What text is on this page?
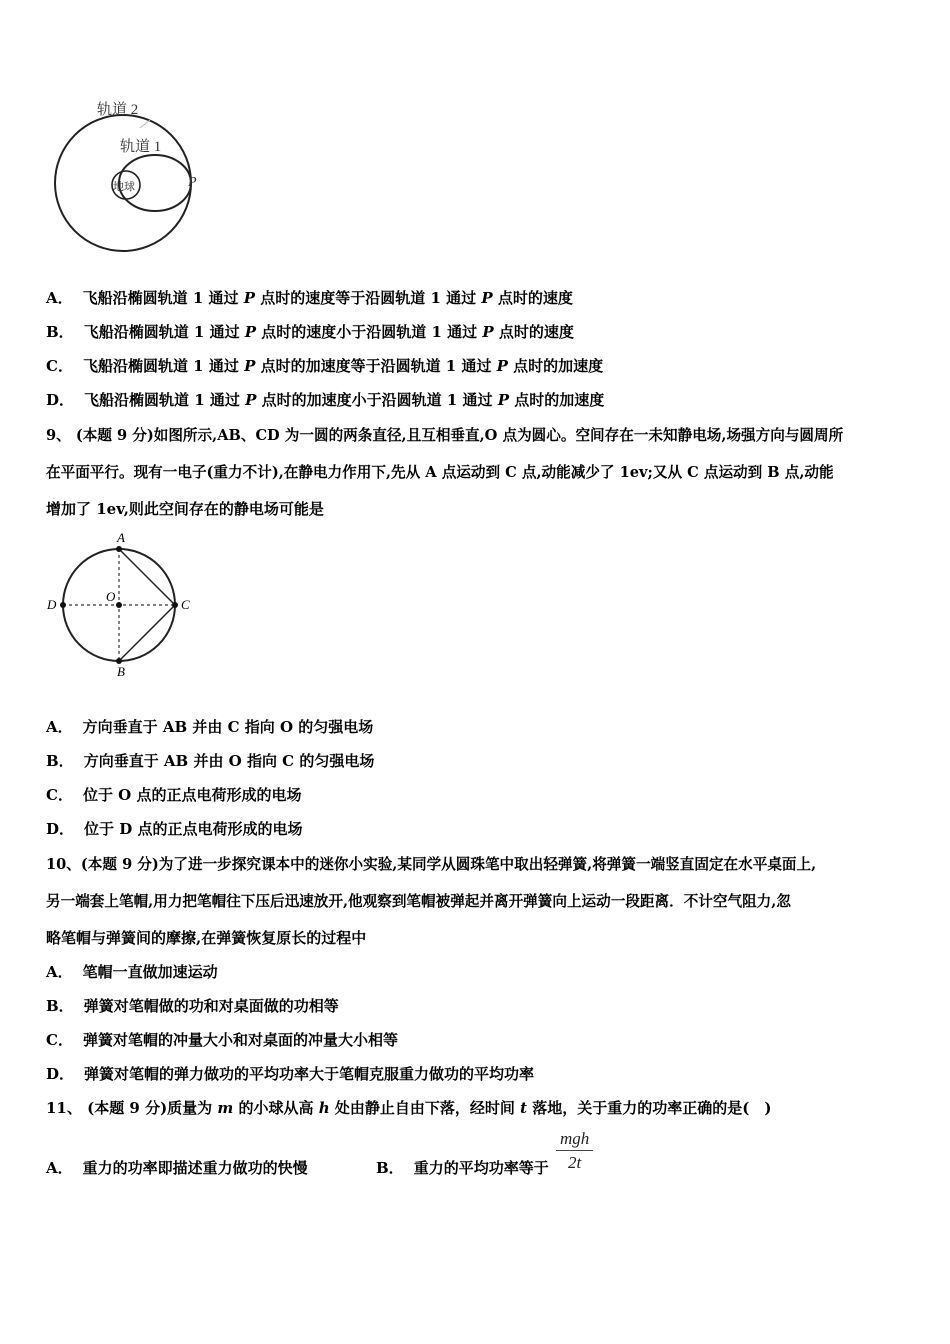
轨道 2
轨道 1
地球	P
A． 飞船沿椭圆轨道 1 通过 P 点时的速度等于沿圆轨道 1 通过 P 点时的速度
B． 飞船沿椭圆轨道 1 通过 P 点时的速度小于沿圆轨道 1 通过 P 点时的速度
C． 飞船沿椭圆轨道 1 通过 P 点时的加速度等于沿圆轨道 1 通过 P 点时的加速度
D． 飞船沿椭圆轨道 1 通过 P 点时的加速度小于沿圆轨道 1 通过 P 点时的加速度
9、 (本题 9 分)如图所示,AB、CD 为一圆的两条直径,且互相垂直,O 点为圆心。空间存在一未知静电场,场强方向与圆周所
在平面平行。现有一电子(重力不计),在静电力作用下,先从 A 点运动到 C 点,动能减少了 1ev;又从 C 点运动到 B 点,动能
增加了 1ev,则此空间存在的静电场可能是
A
B
C
D
O
A． 方向垂直于 AB 并由 C 指向 O 的匀强电场
B． 方向垂直于 AB 并由 O 指向 C 的匀强电场
C． 位于 O 点的正点电荷形成的电场
D． 位于 D 点的正点电荷形成的电场
10、(本题 9 分)为了进一步探究课本中的迷你小实验,某同学从圆珠笔中取出轻弹簧,将弹簧一端竖直固定在水平桌面上,
另一端套上笔帽,用力把笔帽往下压后迅速放开,他观察到笔帽被弹起并离开弹簧向上运动一段距离．不计空气阻力,忽
略笔帽与弹簧间的摩擦,在弹簧恢复原长的过程中
A． 笔帽一直做加速运动
B． 弹簧对笔帽做的功和对桌面做的功相等
C． 弹簧对笔帽的冲量大小和对桌面的冲量大小相等
D． 弹簧对笔帽的弹力做功的平均功率大于笔帽克服重力做功的平均功率
11、 (本题 9 分)质量为 m 的小球从高 h 处由静止自由下落，经时间 t 落地，关于重力的功率正确的是(　)
A． 重力的功率即描述重力做功的快慢	B． 重力的平均功率等于
mgh
2t
